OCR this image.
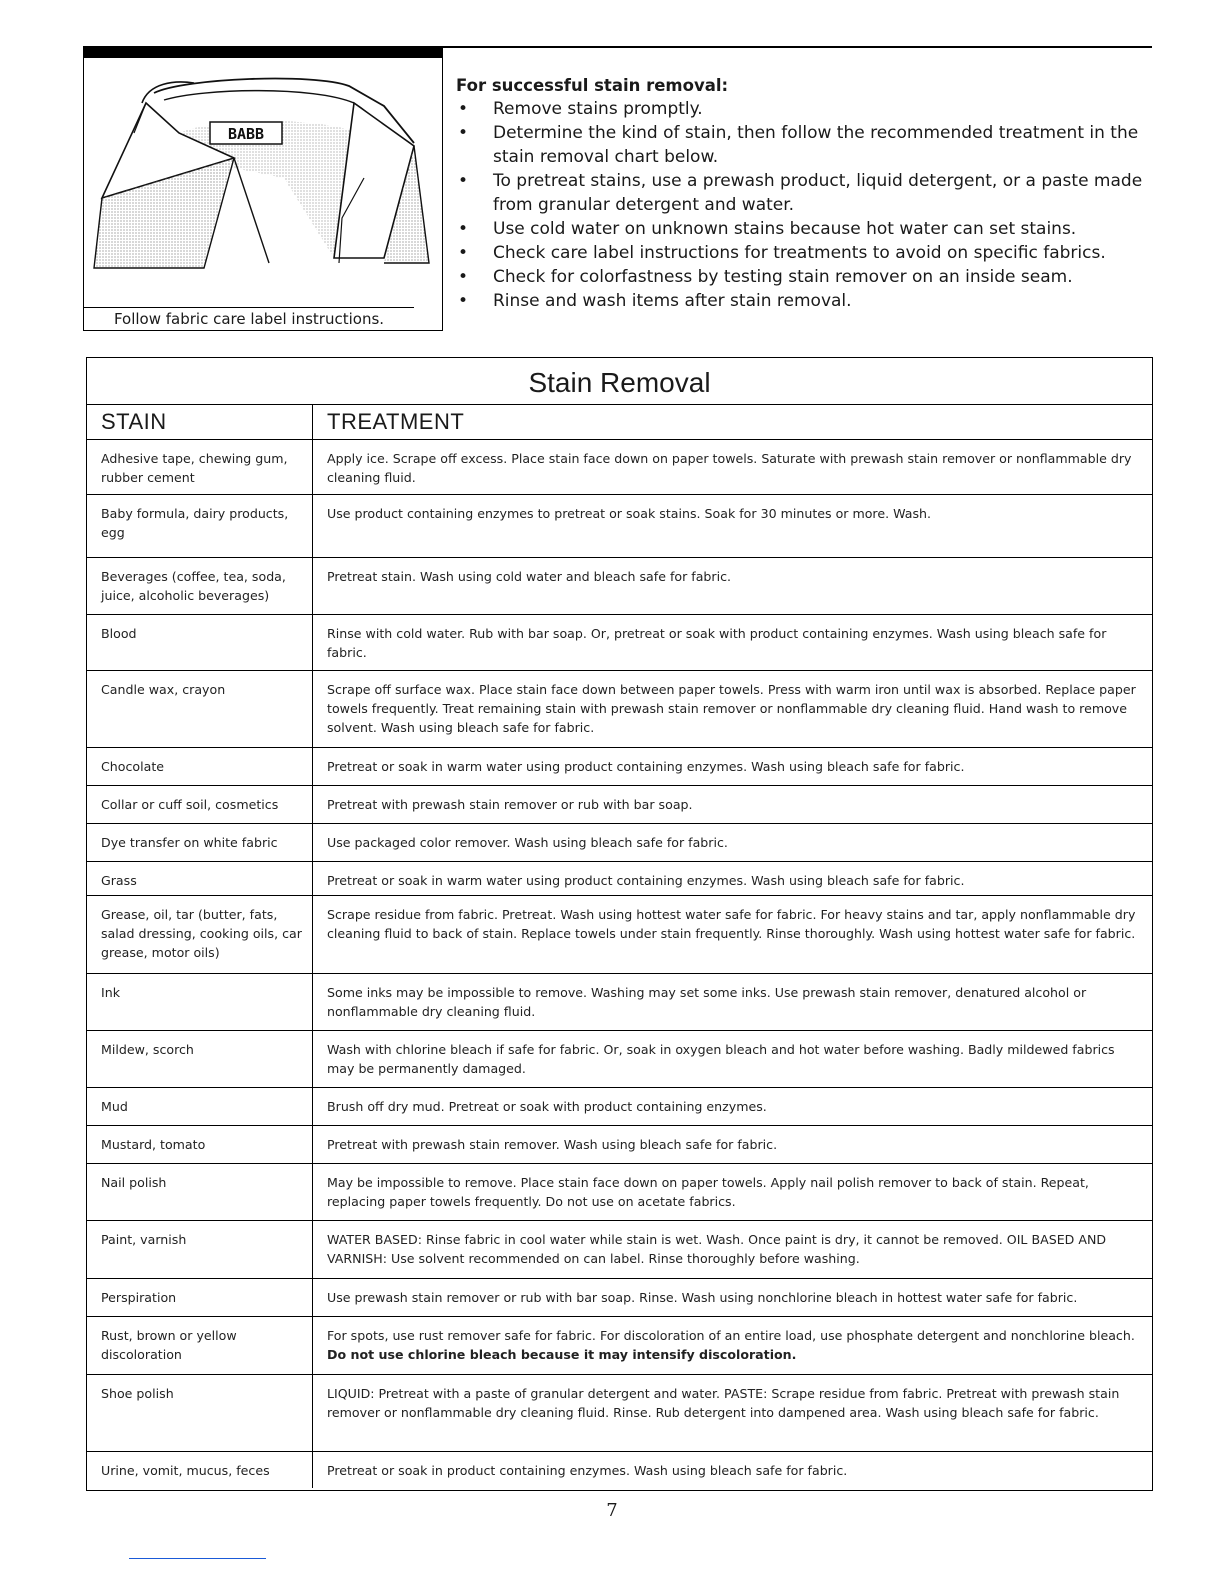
BABB
Follow fabric care label instructions.

For successful stain removal:

• Remove stains promptly.
• Determine the kind of stain, then follow the recommended treatment in the stain removal chart below.
• To pretreat stains, use a prewash product, liquid detergent, or a paste made from granular detergent and water.
• Use cold water on unknown stains because hot water can set stains.
• Check care label instructions for treatments to avoid on specific fabrics.
• Check for colorfastness by testing stain remover on an inside seam.
• Rinse and wash items after stain removal.
Stain Removal
STAIN	TREATMENT
Adhesive tape, chewing gum, rubber cement	Apply ice. Scrape off excess. Place stain face down on paper towels. Saturate with prewash stain remover or nonflammable dry cleaning fluid.
Baby formula, dairy products, egg	Use product containing enzymes to pretreat or soak stains. Soak for 30 minutes or more. Wash.
Beverages (coffee, tea, soda, juice, alcoholic beverages)	Pretreat stain. Wash using cold water and bleach safe for fabric.
Blood	Rinse with cold water. Rub with bar soap. Or, pretreat or soak with product containing enzymes. Wash using bleach safe for fabric.
Candle wax, crayon	Scrape off surface wax. Place stain face down between paper towels. Press with warm iron until wax is absorbed. Replace paper towels frequently. Treat remaining stain with prewash stain remover or nonflammable dry cleaning fluid. Hand wash to remove solvent. Wash using bleach safe for fabric.
Chocolate	Pretreat or soak in warm water using product containing enzymes. Wash using bleach safe for fabric.
Collar or cuff soil, cosmetics	Pretreat with prewash stain remover or rub with bar soap.
Dye transfer on white fabric	Use packaged color remover. Wash using bleach safe for fabric.
Grass	Pretreat or soak in warm water using product containing enzymes. Wash using bleach safe for fabric.
Grease, oil, tar (butter, fats, salad dressing, cooking oils, car grease, motor oils)	Scrape residue from fabric. Pretreat. Wash using hottest water safe for fabric. For heavy stains and tar, apply nonflammable dry cleaning fluid to back of stain. Replace towels under stain frequently. Rinse thoroughly. Wash using hottest water safe for fabric.
Ink	Some inks may be impossible to remove. Washing may set some inks. Use prewash stain remover, denatured alcohol or nonflammable dry cleaning fluid.
Mildew, scorch	Wash with chlorine bleach if safe for fabric. Or, soak in oxygen bleach and hot water before washing. Badly mildewed fabrics may be permanently damaged.
Mud	Brush off dry mud. Pretreat or soak with product containing enzymes.
Mustard, tomato	Pretreat with prewash stain remover. Wash using bleach safe for fabric.
Nail polish	May be impossible to remove. Place stain face down on paper towels. Apply nail polish remover to back of stain. Repeat, replacing paper towels frequently. Do not use on acetate fabrics.
Paint, varnish	WATER BASED: Rinse fabric in cool water while stain is wet. Wash. Once paint is dry, it cannot be removed. OIL BASED AND VARNISH: Use solvent recommended on can label. Rinse thoroughly before washing.
Perspiration	Use prewash stain remover or rub with bar soap. Rinse. Wash using nonchlorine bleach in hottest water safe for fabric.
Rust, brown or yellow discoloration	For spots, use rust remover safe for fabric. For discoloration of an entire load, use phosphate detergent and nonchlorine bleach. Do not use chlorine bleach because it may intensify discoloration.
Shoe polish	LIQUID: Pretreat with a paste of granular detergent and water. PASTE: Scrape residue from fabric. Pretreat with prewash stain remover or nonflammable dry cleaning fluid. Rinse. Rub detergent into dampened area. Wash using bleach safe for fabric.
Urine, vomit, mucus, feces	Pretreat or soak in product containing enzymes. Wash using bleach safe for fabric.
7
